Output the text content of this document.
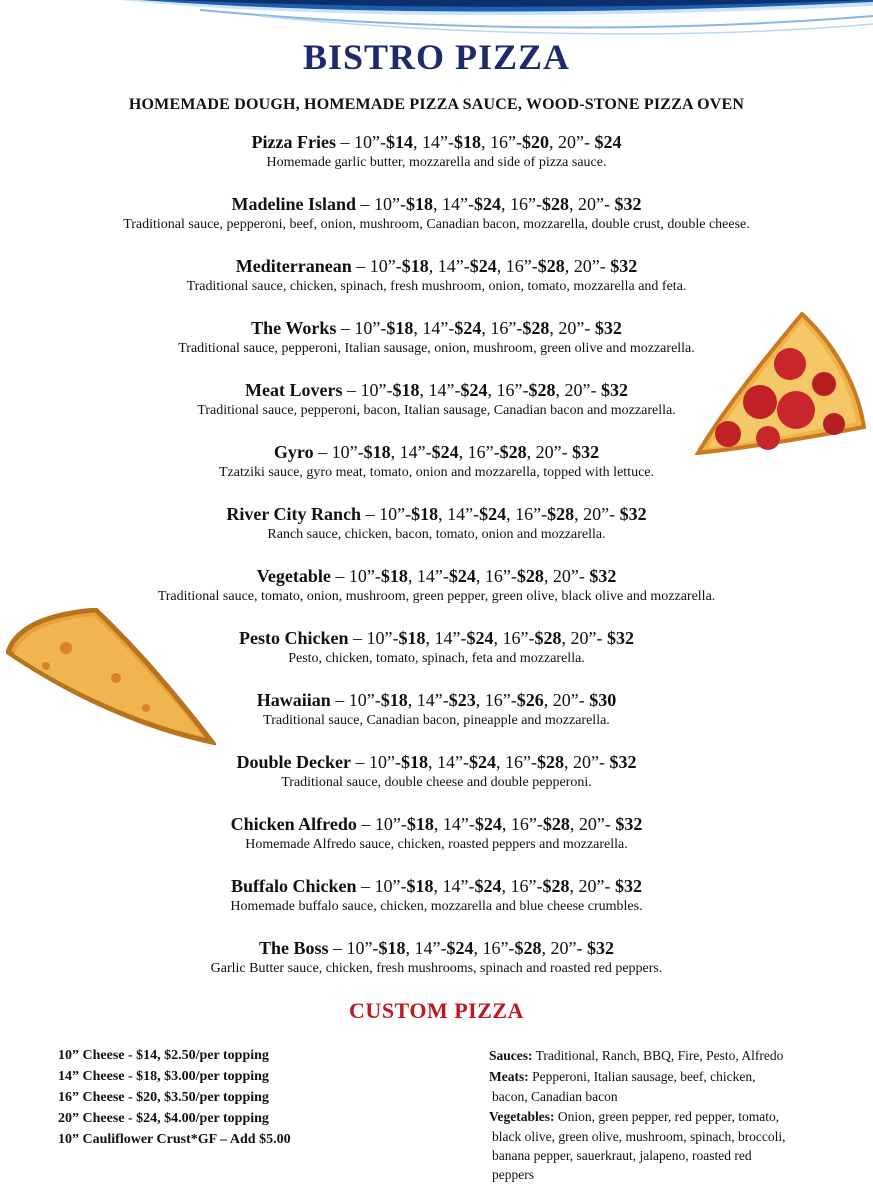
BISTRO PIZZA
HOMEMADE DOUGH, HOMEMADE PIZZA SAUCE, WOOD-STONE PIZZA OVEN
Pizza Fries – 10”-$14, 14”-$18, 16”-$20, 20”- $24
Homemade garlic butter, mozzarella and side of pizza sauce.
Madeline Island – 10”-$18, 14”-$24, 16”-$28, 20”- $32
Traditional sauce, pepperoni, beef, onion, mushroom, Canadian bacon, mozzarella, double crust, double cheese.
Mediterranean – 10”-$18, 14”-$24, 16”-$28, 20”- $32
Traditional sauce, chicken, spinach, fresh mushroom, onion, tomato, mozzarella and feta.
The Works – 10”-$18, 14”-$24, 16”-$28, 20”- $32
Traditional sauce, pepperoni, Italian sausage, onion, mushroom, green olive and mozzarella.
Meat Lovers – 10”-$18, 14”-$24, 16”-$28, 20”- $32
Traditional sauce, pepperoni, bacon, Italian sausage, Canadian bacon and mozzarella.
Gyro – 10”-$18, 14”-$24, 16”-$28, 20”- $32
Tzatziki sauce, gyro meat, tomato, onion and mozzarella, topped with lettuce.
River City Ranch – 10”-$18, 14”-$24, 16”-$28, 20”- $32
Ranch sauce, chicken, bacon, tomato, onion and mozzarella.
Vegetable – 10”-$18, 14”-$24, 16”-$28, 20”- $32
Traditional sauce, tomato, onion, mushroom, green pepper, green olive, black olive and mozzarella.
Pesto Chicken – 10”-$18, 14”-$24, 16”-$28, 20”- $32
Pesto, chicken, tomato, spinach, feta and mozzarella.
Hawaiian – 10”-$18, 14”-$23, 16”-$26, 20”- $30
Traditional sauce, Canadian bacon, pineapple and mozzarella.
Double Decker – 10”-$18, 14”-$24, 16”-$28, 20”- $32
Traditional sauce, double cheese and double pepperoni.
Chicken Alfredo – 10”-$18, 14”-$24, 16”-$28, 20”- $32
Homemade Alfredo sauce, chicken, roasted peppers and mozzarella.
Buffalo Chicken – 10”-$18, 14”-$24, 16”-$28, 20”- $32
Homemade buffalo sauce, chicken, mozzarella and blue cheese crumbles.
The Boss – 10”-$18, 14”-$24, 16”-$28, 20”- $32
Garlic Butter sauce, chicken, fresh mushrooms, spinach and roasted red peppers.
CUSTOM PIZZA
10” Cheese - $14, $2.50/per topping
14” Cheese - $18, $3.00/per topping
16” Cheese - $20, $3.50/per topping
20” Cheese - $24, $4.00/per topping
10” Cauliflower Crust*GF – Add $5.00
Sauces: Traditional, Ranch, BBQ, Fire, Pesto, Alfredo
Meats: Pepperoni, Italian sausage, beef, chicken,
bacon, Canadian bacon
Vegetables: Onion, green pepper, red pepper, tomato,
black olive, green olive, mushroom, spinach, broccoli,
banana pepper, sauerkraut, jalapeno, roasted red
peppers
